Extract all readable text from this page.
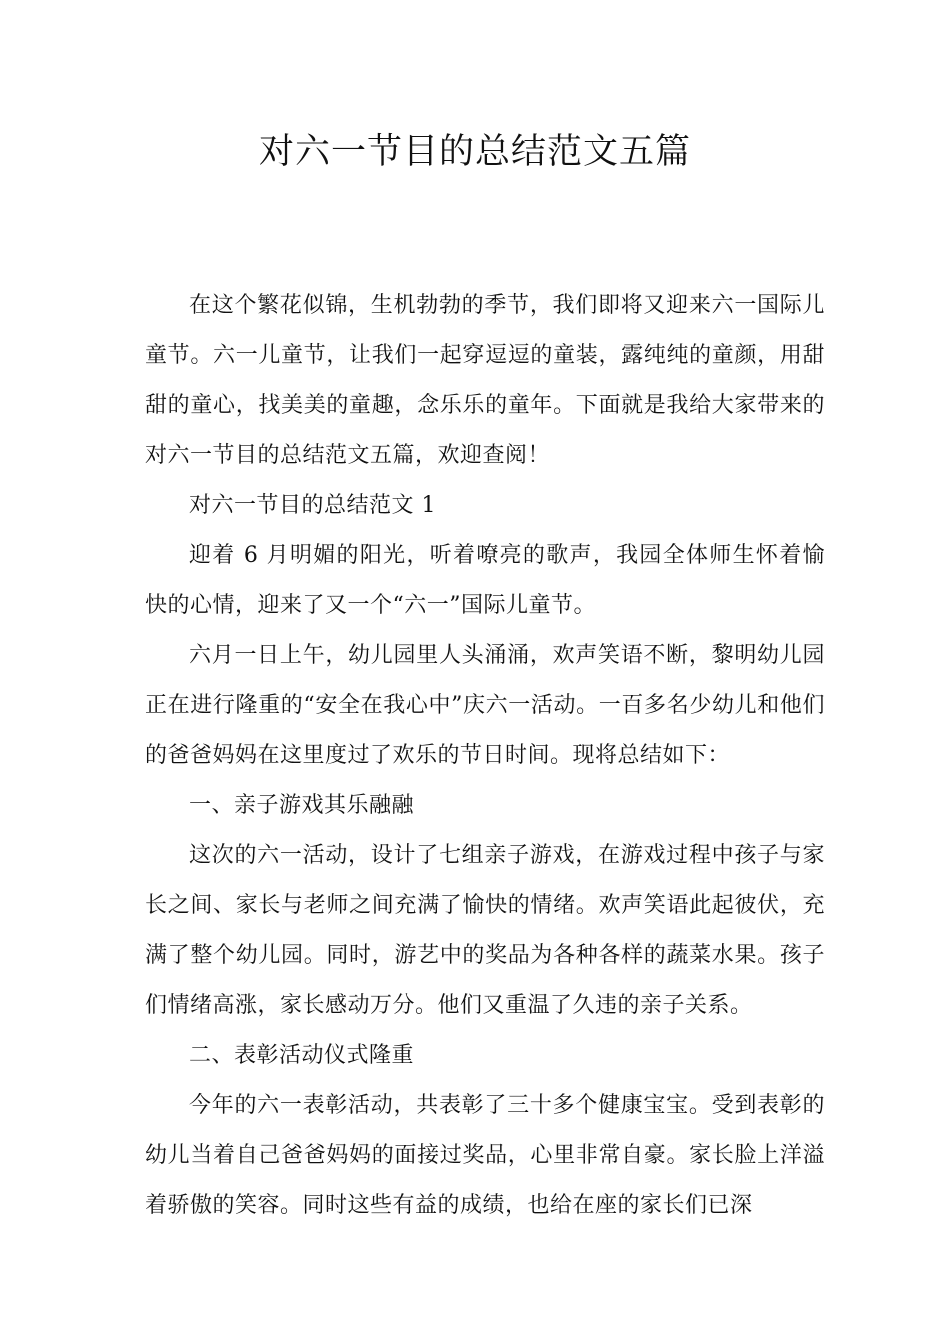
对六一节目的总结范文五篇

在这个繁花似锦，生机勃勃的季节，我们即将又迎来六一国际儿童节。六一儿童节，让我们一起穿逗逗的童装，露纯纯的童颜，用甜甜的童心，找美美的童趣，念乐乐的童年。下面就是我给大家带来的对六一节目的总结范文五篇，欢迎查阅！

对六一节目的总结范文 1

迎着 6 月明媚的阳光，听着嘹亮的歌声，我园全体师生怀着愉快的心情，迎来了又一个“六一”国际儿童节。

六月一日上午，幼儿园里人头涌涌，欢声笑语不断，黎明幼儿园正在进行隆重的“安全在我心中”庆六一活动。一百多名少幼儿和他们的爸爸妈妈在这里度过了欢乐的节日时间。现将总结如下：

一、亲子游戏其乐融融

这次的六一活动，设计了七组亲子游戏，在游戏过程中孩子与家长之间、家长与老师之间充满了愉快的情绪。欢声笑语此起彼伏，充满了整个幼儿园。同时，游艺中的奖品为各种各样的蔬菜水果。孩子们情绪高涨，家长感动万分。他们又重温了久违的亲子关系。

二、表彰活动仪式隆重

今年的六一表彰活动，共表彰了三十多个健康宝宝。受到表彰的幼儿当着自己爸爸妈妈的面接过奖品，心里非常自豪。家长脸上洋溢着骄傲的笑容。同时这些有益的成绩，也给在座的家长们已深
